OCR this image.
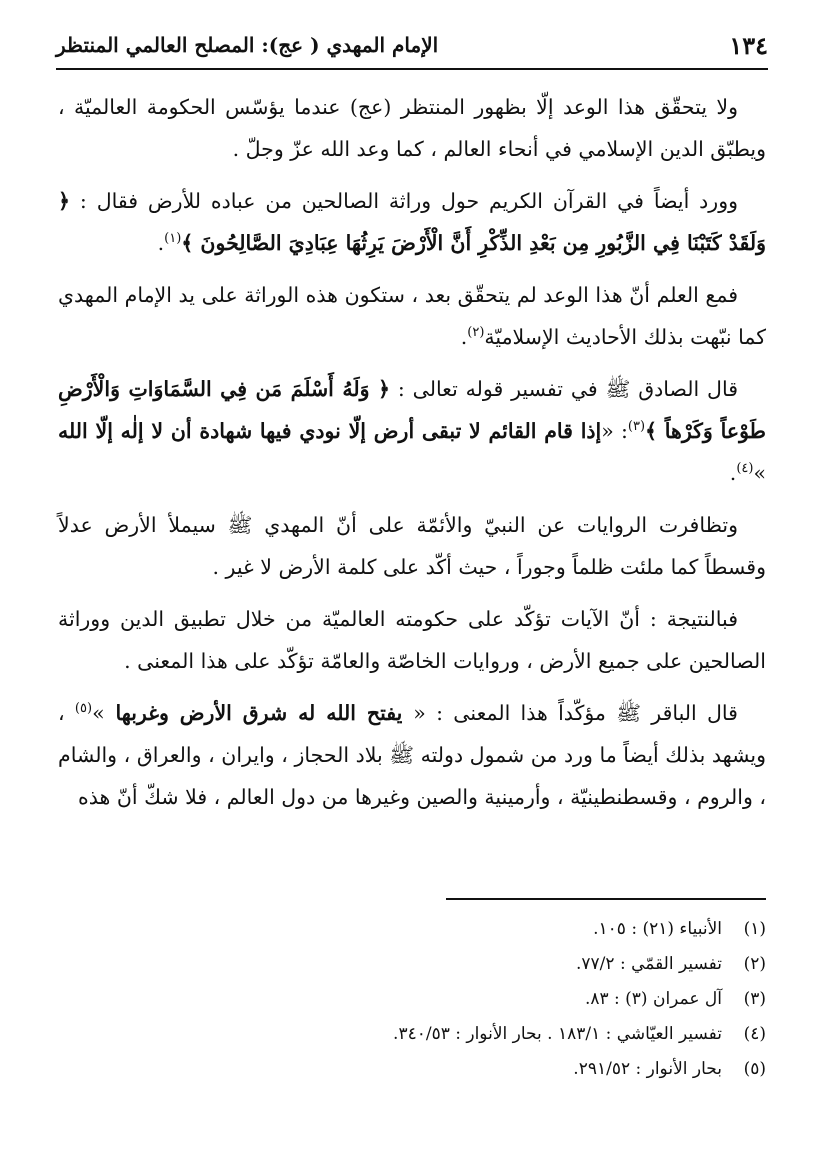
١٣٤
الإمام المهدي ( عج): المصلح العالمي المنتظر

ولا يتحقّق هذا الوعد إلّا بظهور المنتظر (عج) عندما يؤسّس الحكومة العالميّة ، ويطبّق الدين الإسلامي في أنحاء العالم ، كما وعد الله عزّ وجلّ .

وورد أيضاً في القرآن الكريم حول وراثة الصالحين من عباده للأرض فقال : ﴿ وَلَقَدْ كَتَبْنَا فِي الزَّبُورِ مِن بَعْدِ الذِّكْرِ أَنَّ الْأَرْضَ يَرِثُهَا عِبَادِيَ الصَّالِحُونَ ﴾$^{(١)}$.

فمع العلم أنّ هذا الوعد لم يتحقّق بعد ، ستكون هذه الوراثة على يد الإمام المهدي كما نبّهت بذلك الأحاديث الإسلاميّة$^{(٢)}$.

قال الصادق ﷺ في تفسير قوله تعالى : ﴿ وَلَهُ أَسْلَمَ مَن فِي السَّمَاوَاتِ وَالْأَرْضِ طَوْعاً وَكَرْهاً ﴾$^{(٣)}$: «إذا قام القائم لا تبقى أرض إلّا نودي فيها شهادة أن لا إلٰه إلّا الله »$^{(٤)}$.

وتظافرت الروايات عن النبيّ والأئمّة على أنّ المهدي ﷺ سيملأ الأرض عدلاً وقسطاً كما ملئت ظلماً وجوراً ، حيث أكّد على كلمة الأرض لا غير .

فبالنتيجة : أنّ الآيات تؤكّد على حكومته العالميّة من خلال تطبيق الدين ووراثة الصالحين على جميع الأرض ، وروايات الخاصّة والعامّة تؤكّد على هذا المعنى .

قال الباقر ﷺ مؤكّداً هذا المعنى : « يفتح الله له شرق الأرض وغربها »$^{(٥)}$ ، ويشهد بذلك أيضاً ما ورد من شمول دولته ﷺ بلاد الحجاز ، وايران ، والعراق ، والشام ، والروم ، وقسطنطينيّة ، وأرمينية والصين وغيرها من دول العالم ، فلا شكّ أنّ هذه

(١)
الأنبياء (٢١) : ١٠٥.
(٢)
تفسير القمّي : ٧٧/٢.
(٣)
آل عمران (٣) : ٨٣.
(٤)
تفسير العيّاشي : ١٨٣/١ . بحار الأنوار : ٣٤٠/٥٣.
(٥)
بحار الأنوار : ٢٩١/٥٢.
